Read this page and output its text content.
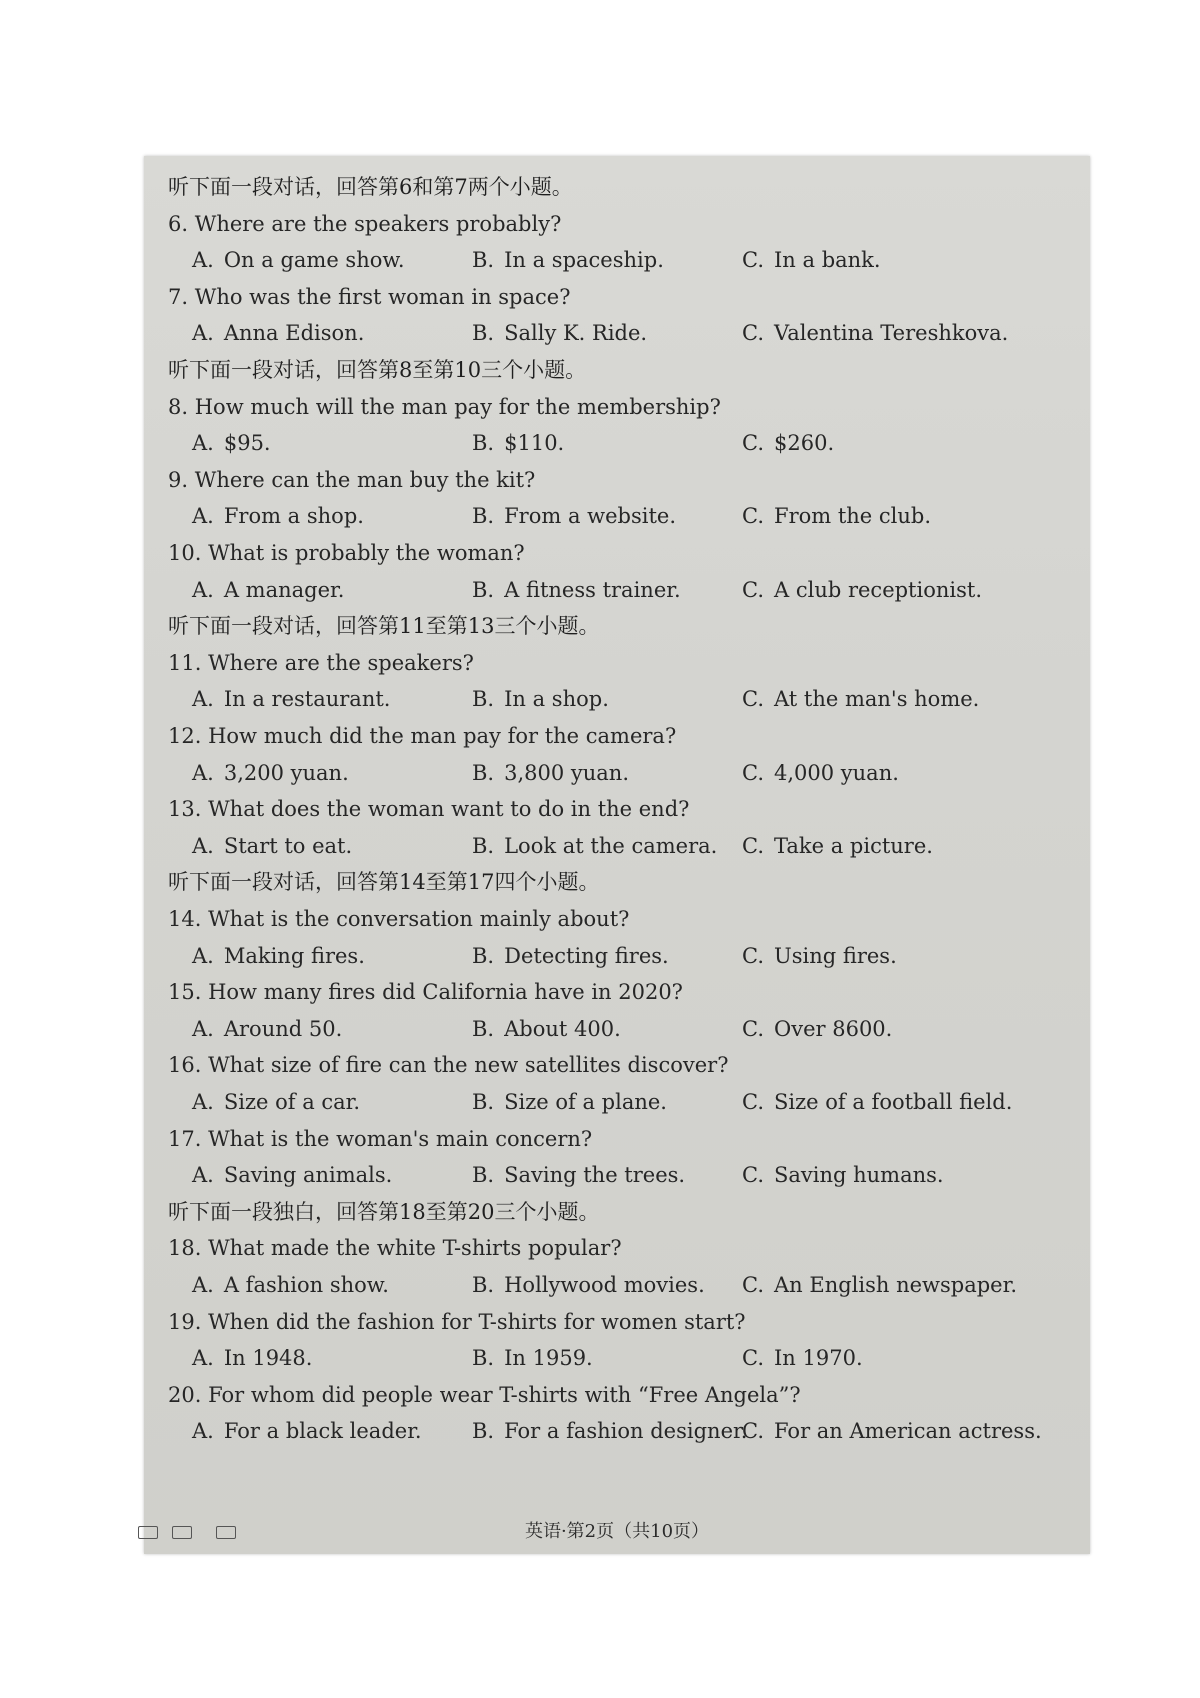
听下面一段对话，回答第6和第7两个小题。
6. Where are the speakers probably?
A. On a game show.	B. In a spaceship.	C. In a bank.
7. Who was the first woman in space?
A. Anna Edison.	B. Sally K. Ride.	C. Valentina Tereshkova.
听下面一段对话，回答第8至第10三个小题。
8. How much will the man pay for the membership?
A. $95.	B. $110.	C. $260.
9. Where can the man buy the kit?
A. From a shop.	B. From a website.	C. From the club.
10. What is probably the woman?
A. A manager.	B. A fitness trainer.	C. A club receptionist.
听下面一段对话，回答第11至第13三个小题。
11. Where are the speakers?
A. In a restaurant.	B. In a shop.	C. At the man's home.
12. How much did the man pay for the camera?
A. 3,200 yuan.	B. 3,800 yuan.	C. 4,000 yuan.
13. What does the woman want to do in the end?
A. Start to eat.	B. Look at the camera. C. Take a picture.
听下面一段对话，回答第14至第17四个小题。
14. What is the conversation mainly about?
A. Making fires.	B. Detecting fires.	C. Using fires.
15. How many fires did California have in 2020?
A. Around 50.	B. About 400.	C. Over 8600.
16. What size of fire can the new satellites discover?
A. Size of a car.	B. Size of a plane.	C. Size of a football field.
17. What is the woman's main concern?
A. Saving animals.	B. Saving the trees.	C. Saving humans.
听下面一段独白，回答第18至第20三个小题。
18. What made the white T-shirts popular?
A. A fashion show.	B. Hollywood movies. C. An English newspaper.
19. When did the fashion for T-shirts for women start?
A. In 1948.	B. In 1959.	C. In 1970.
20. For whom did people wear T-shirts with “Free Angela”?
A. For a black leader. B. For a fashion designer.
C. For an American actress.
英语·第2页（共10页）
